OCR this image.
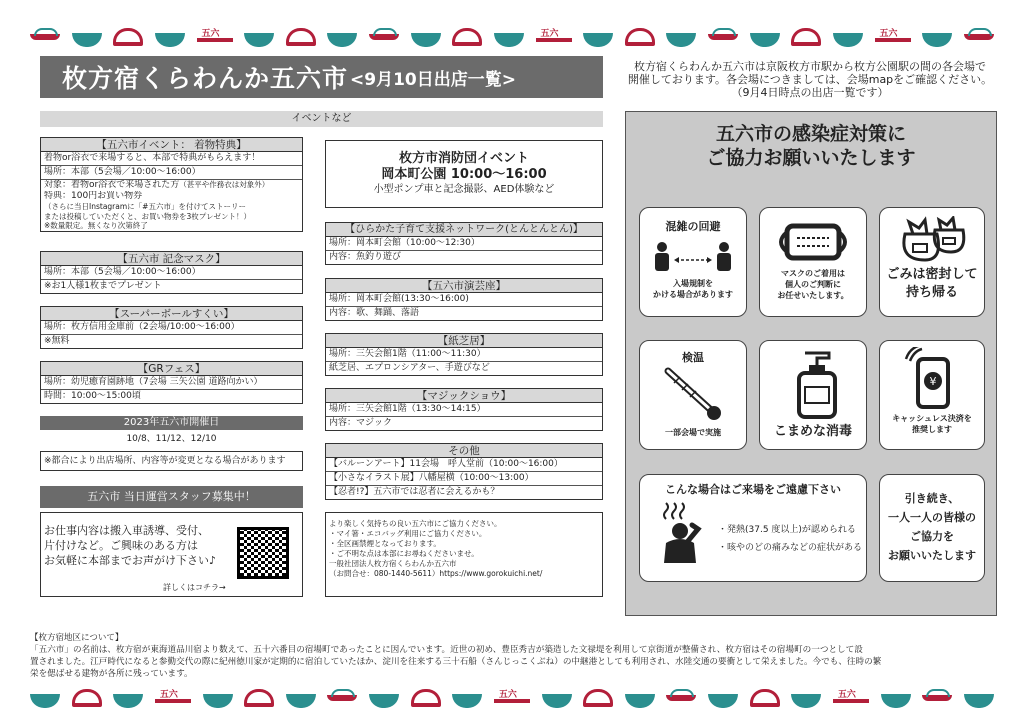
五六
五六
五六
枚方宿くらわんか五六市 <9月10日出店一覧>
枚方宿くらわんか五六市は京阪枚方市駅から枚方公園駅の間の各会場で
開催しております。各会場につきましては、会場mapをご確認ください。
（9月4日時点の出店一覧です）
イベントなど
【五六市イベント： 着物特典】
着物or浴衣で来場すると、本部で特典がもらえます！
場所：本部（5会場／10:00〜16:00）
対象：着物or浴衣で来場された方（甚平や作務衣は対象外）
特典：100円お買い物券
（さらに当日Instagramに「#五六市」を付けてストーリー
または投稿していただくと、お買い物券を3枚プレゼント！）
※数量限定。無くなり次第終了
【五六市 記念マスク】
場所：本部（5会場／10:00〜16:00）
※お1人様1枚までプレゼント
【スーパーボールすくい】
場所：枚方信用金庫前（2会場/10:00〜16:00）
※無料
【GRフェス】
場所：幼児癒育園跡地（7会場 三矢公園 道路向かい）
時間：10:00〜15:00頃
2023年五六市開催日
10/8、11/12、12/10
※都合により出店場所、内容等が変更となる場合があります
五六市 当日運営スタッフ募集中！
お仕事内容は搬入車誘導、受付、
片付けなど。ご興味のある方は
お気軽に本部までお声がけ下さい♪
詳しくはコチラ→
枚方市消防団イベント
岡本町公園 10:00〜16:00
小型ポンプ車と記念撮影、AED体験など
【ひらかた子育て支援ネットワーク(とんとんとん)】
場所：岡本町会館（10:00〜12:30）
内容：魚釣り遊び
【五六市演芸座】
場所：岡本町会館(13:30〜16:00)
内容：歌、舞踊、落語
【紙芝居】
場所：三矢会館1階（11:00〜11:30）
紙芝居、エプロンシアター、手遊びなど
【マジックショウ】
場所：三矢会館1階（13:30〜14:15）
内容：マジック
その他
【バルーンアート】11会場　呼人堂前（10:00〜16:00）
【小さなイラスト展】八幡屋横（10:00〜13:00）
【忍者!?】五六市では忍者に会えるかも？
より楽しく気持ちの良い五六市にご協力ください。
・マイ箸・エコバッグ利用にご協力ください。
・全区画禁煙となっております。
・ご不明な点は本部にお尋ねくださいませ。
一般社団法人枚方宿くらわんか五六市
（お問合せ：080-1440-5611）https://www.gorokuichi.net/
五六市の感染症対策に
ご協力お願いいたします
混雑の回避
入場規制を
かける場合があります
マスクのご着用は
個人のご判断に
お任せいたします。
ごみは密封して
持ち帰る
検温
一部会場で実施	こまめな消毒
¥
キャッシュレス決済を
推奨します
こんな場合はご来場をご遠慮下さい
・発熱(37.5 度以上)が認められる
・咳やのどの痛みなどの症状がある
引き続き、
一人一人の皆様の
ご協力を
お願いいたします
【枚方宿地区について】
「五六市」の名前は、枚方宿が東海道品川宿より数えて、五十六番目の宿場町であったことに因んでいます。近世の初め、豊臣秀吉が築造した文禄堤を利用して京街道が整備され、枚方宿はその宿場町の一つとして設
置されました。江戸時代になると参勤交代の際に紀州徳川家が定期的に宿泊していたほか、淀川を往来する三十石船（さんじっこくぶね）の中継港としても利用され、水陸交通の要衝として栄えました。今でも、往時の繁
栄を偲ばせる建物が各所に残っています。
五六
五六
五六
